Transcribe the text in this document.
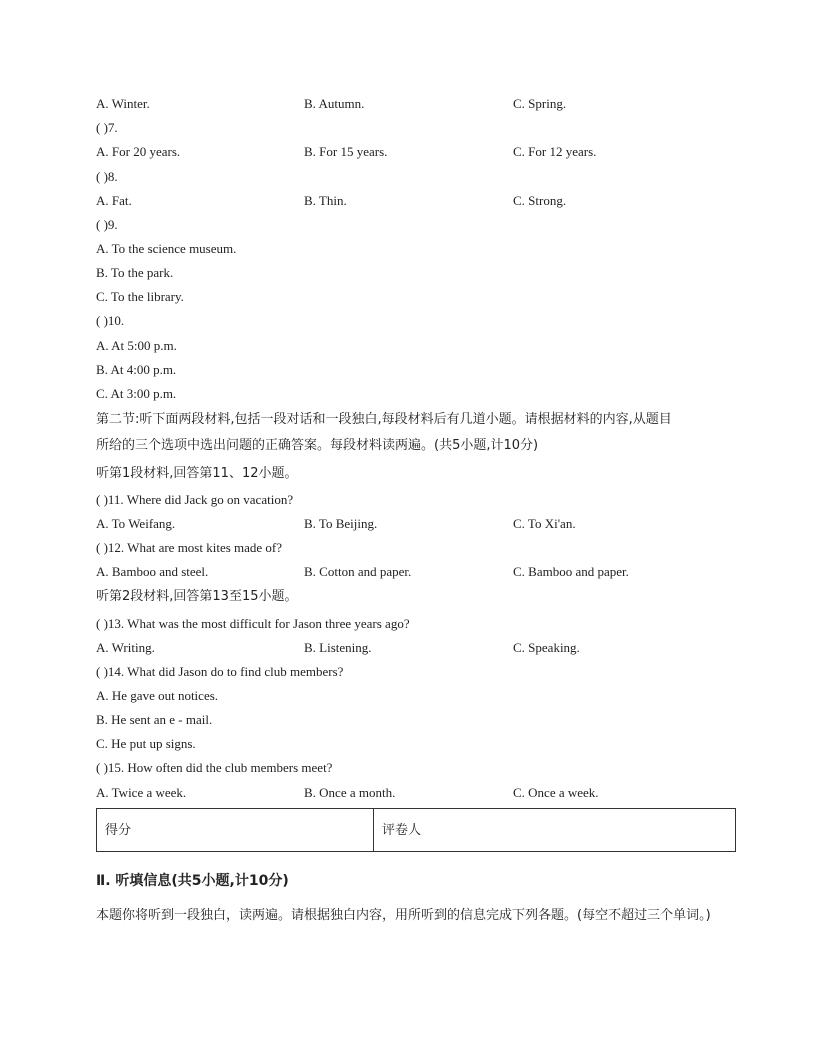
A. Winter.	B. Autumn.	C. Spring.
( )7.
A. For 20 years.	B. For 15 years.	C. For 12 years.
( )8.
A. Fat.	B. Thin.	C. Strong.
( )9.
A. To the science museum.
B. To the park.
C. To the library.
( )10.
A. At 5:00 p.m.
B. At 4:00 p.m.
C. At 3:00 p.m.
第二节:听下面两段材料,包括一段对话和一段独白,每段材料后有几道小题。请根据材料的内容,从题目
所给的三个选项中选出问题的正确答案。每段材料读两遍。(共5小题,计10分)
听第1段材料,回答第11、12小题。
( )11. Where did Jack go on vacation?
A. To Weifang.	B. To Beijing.	C. To Xi'an.
( )12. What are most kites made of?
A. Bamboo and steel.	B. Cotton and paper.	C. Bamboo and paper.
听第2段材料,回答第13至15小题。
( )13. What was the most difficult for Jason three years ago?
A. Writing.	B. Listening.	C. Speaking.
( )14. What did Jason do to find club members?
A. He gave out notices.
B. He sent an e - mail.
C. He put up signs.
( )15. How often did the club members meet?
A. Twice a week.	B. Once a month.	C. Once a week.
得分	评卷人
Ⅱ. 听填信息(共5小题,计10分)
本题你将听到一段独白，读两遍。请根据独白内容，用所听到的信息完成下列各题。(每空不超过三个单词。)
